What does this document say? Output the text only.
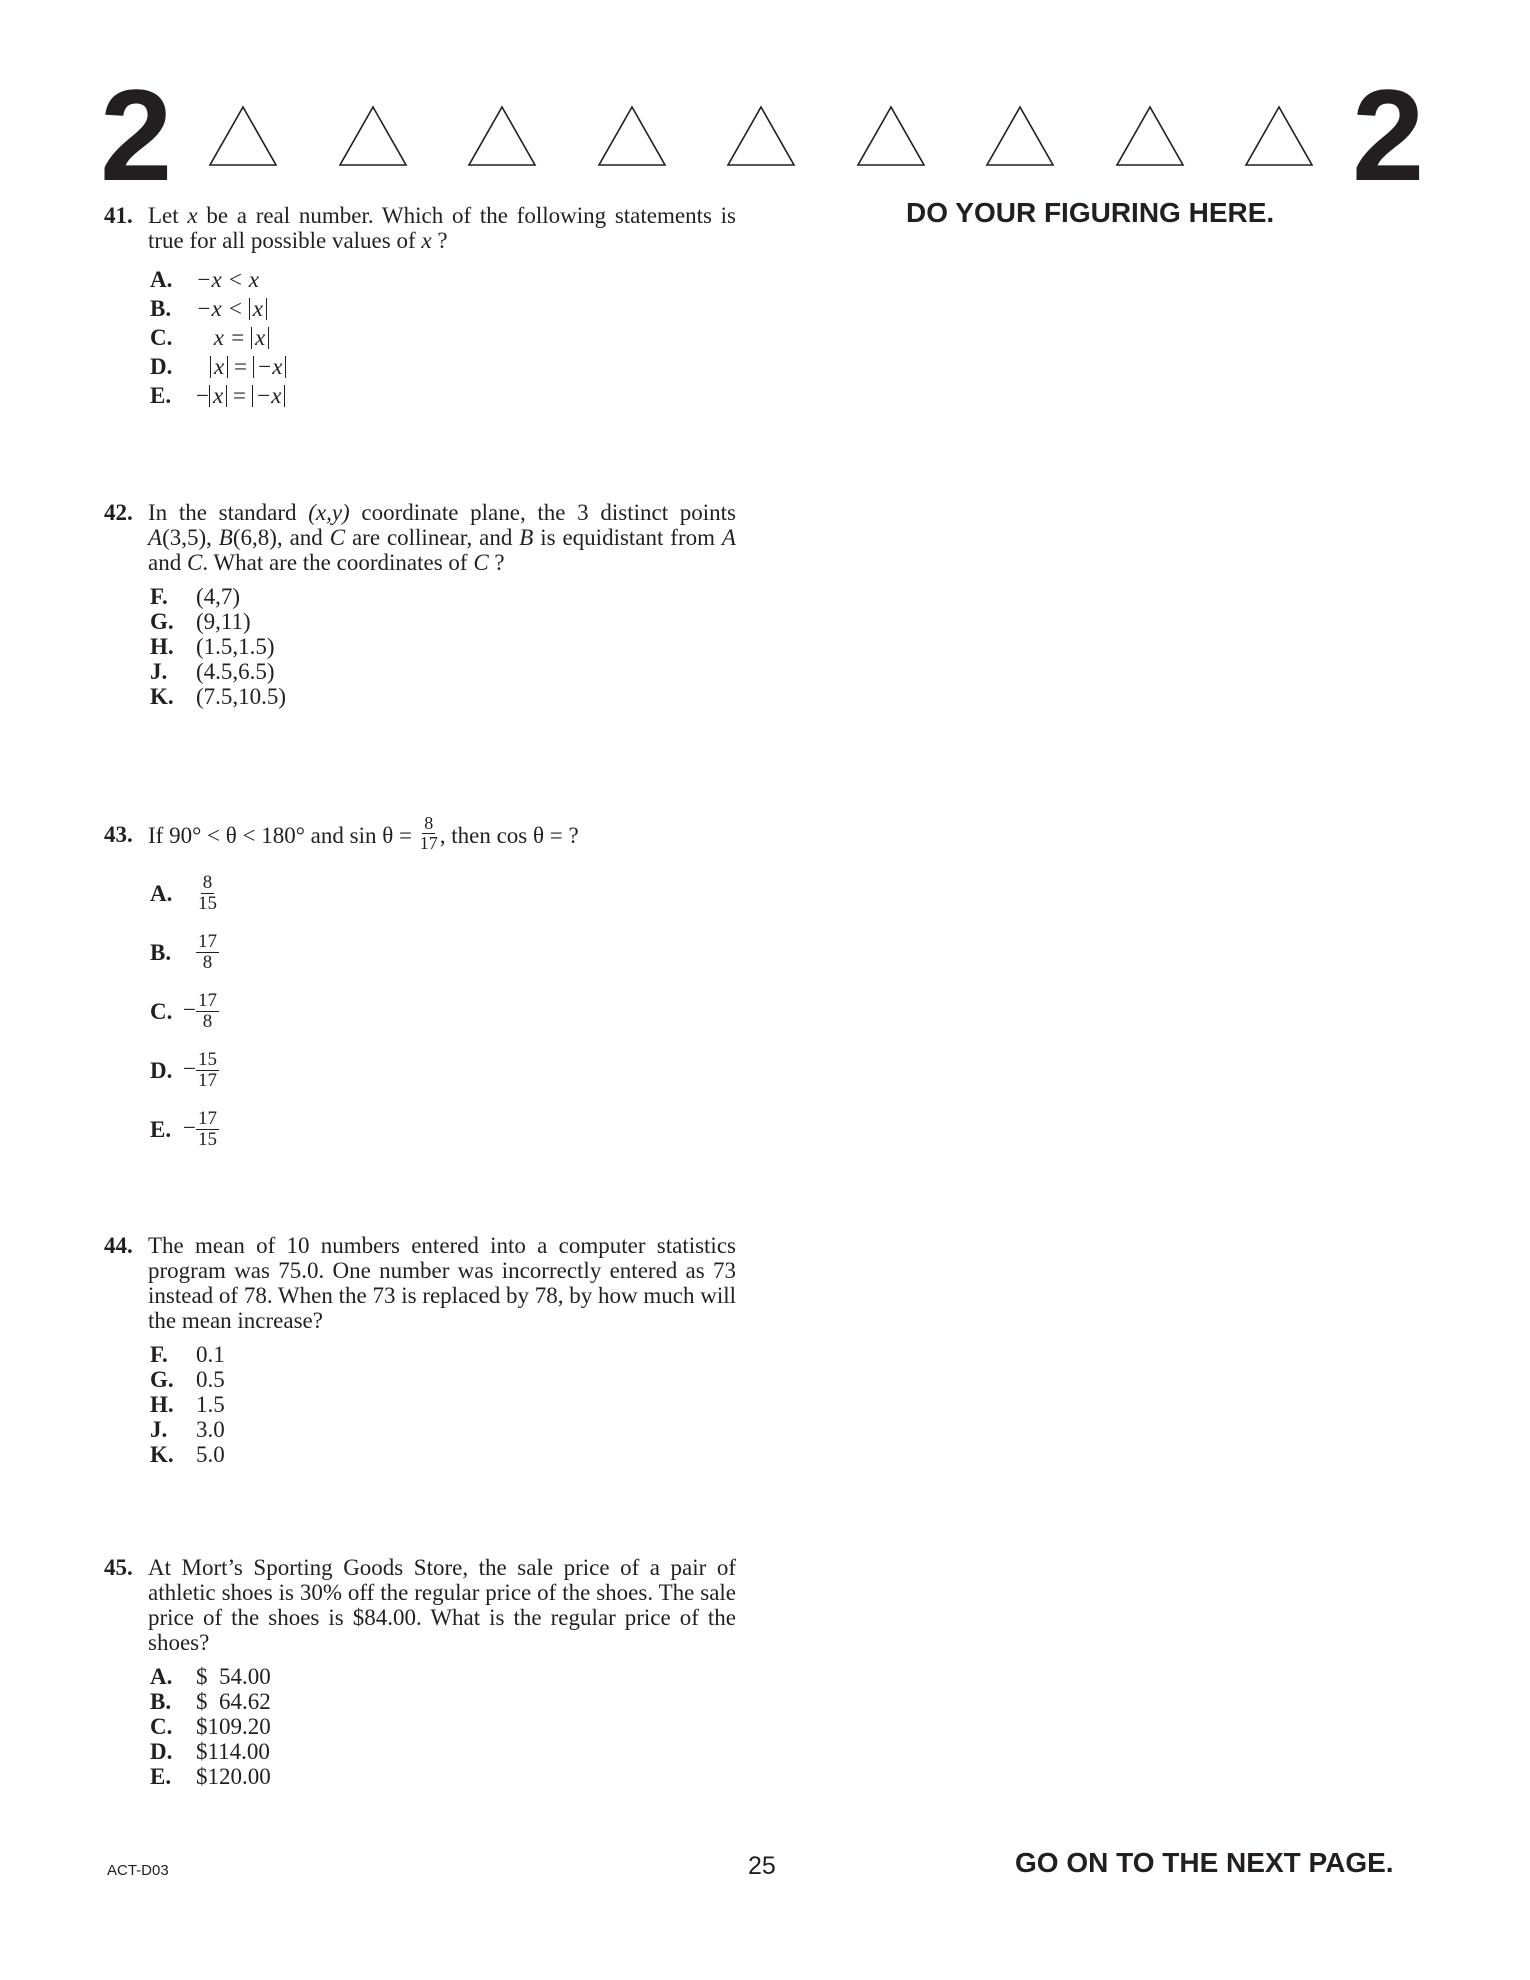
2	2
DO YOUR FIGURING HERE.
41. Let x be a real number. Which of the following statements is true for all possible values of x ?
A.	−x < x
B.	−x < x
C.	x = x
D.	x = −x
E.	− x = −x
42. In the standard (x,y) coordinate plane, the 3 distinct points A(3,5), B(6,8), and C are collinear, and B is equidistant from A and C. What are the coordinates of C ?
F.	(4,7)
G. (9,11)
H. (1.5,1.5)
J.	(4.5,6.5)
K. (7.5,10.5)
43. If 90° < θ < 180° and $\sin \theta = \frac{8}{17}$ , then cos θ = ?
A.	$\frac{8}{15}$
B.	$\frac{17}{8}$
C. − $\frac{17}{8}$
D. − $\frac{15}{17}$
E. − $\frac{17}{15}$
44. The mean of 10 numbers entered into a computer statistics program was 75.0. One number was incorrectly entered as 73 instead of 78. When the 73 is replaced by 78, by how much will the mean increase?
F.	0.1
G. 0.5
H. 1.5
J.	3.0
K. 5.0
45. At Mort’s Sporting Goods Store, the sale price of a pair of athletic shoes is 30% off the regular price of the shoes. The sale price of the shoes is $84.00. What is the regular price of the shoes?
A.	$  54.00
B.	$  64.62
C.	$109.20
D.	$114.00
E.	$120.00
ACT-D03	25	GO ON TO THE NEXT PAGE.
